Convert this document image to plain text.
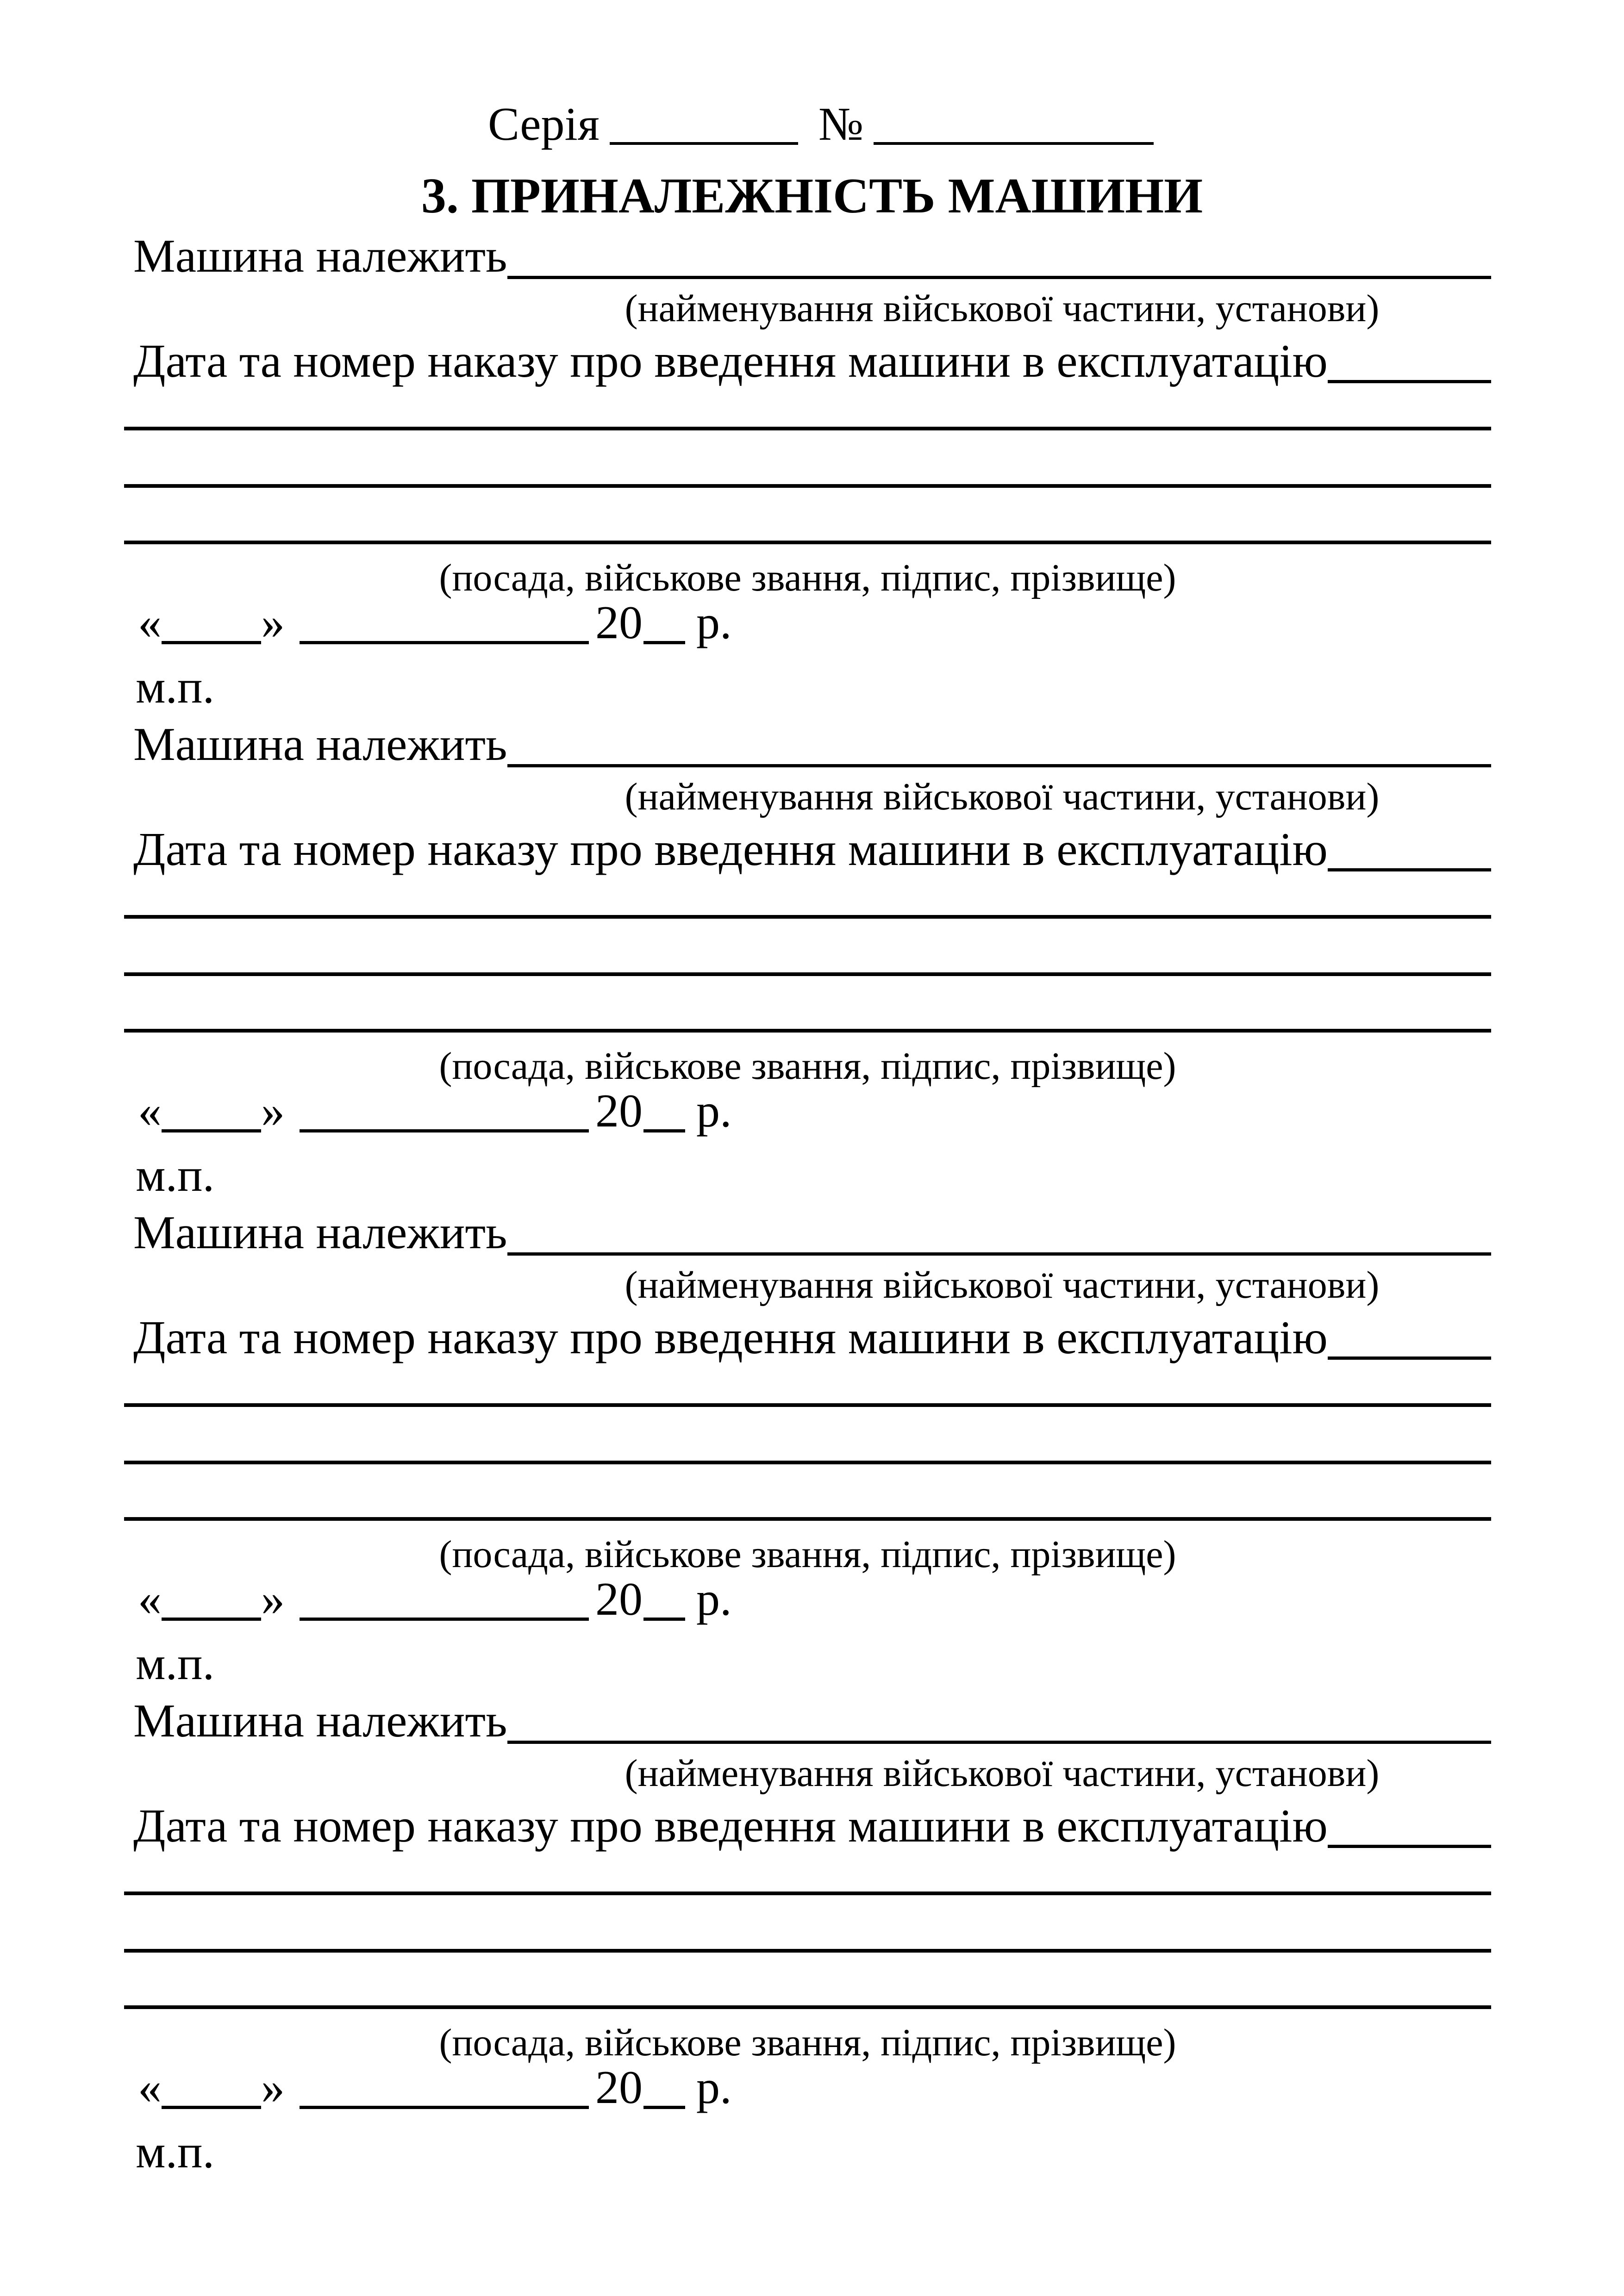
Серія	№
3. ПРИНАЛЕЖНІСТЬ МАШИНИ
Машина належить
(найменування військової частини, установи)
Дата та номер наказу про введення машини в експлуатацію
(посада, військове звання, підпис, прізвище)
« »	20 р.
м.п.
Машина належить
(найменування військової частини, установи)
Дата та номер наказу про введення машини в експлуатацію
(посада, військове звання, підпис, прізвище)
« »	20 р.
м.п.
Машина належить
(найменування військової частини, установи)
Дата та номер наказу про введення машини в експлуатацію
(посада, військове звання, підпис, прізвище)
« »	20 р.
м.п.
Машина належить
(найменування військової частини, установи)
Дата та номер наказу про введення машини в експлуатацію
(посада, військове звання, підпис, прізвище)
« »	20 р.
м.п.
